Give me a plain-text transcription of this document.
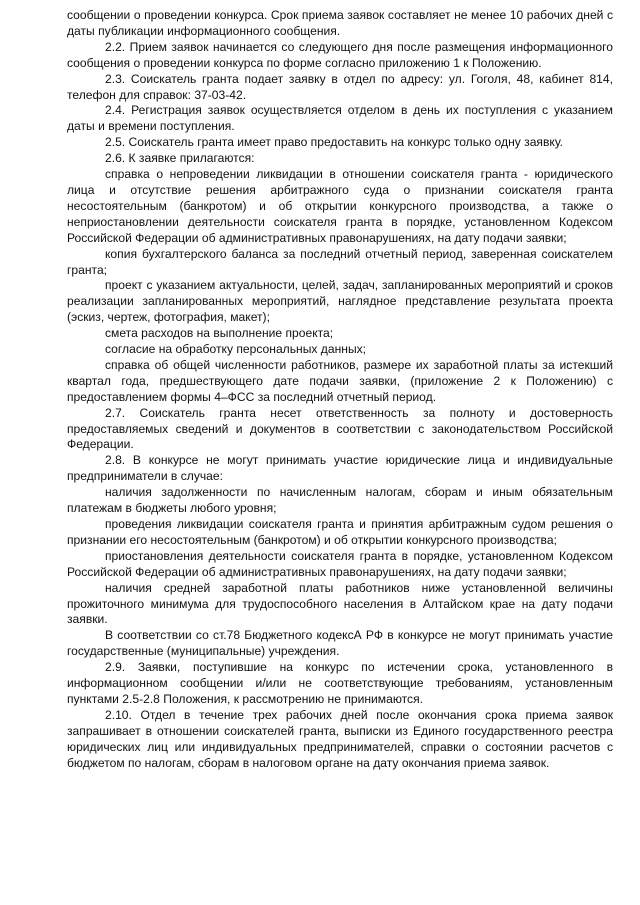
сообщении о проведении конкурса. Срок приема заявок составляет не менее 10 рабочих дней с даты публикации информационного сообщения.

2.2. Прием заявок начинается со следующего дня после размещения информационного сообщения о проведении конкурса по форме согласно приложению 1 к Положению.

2.3. Соискатель гранта подает заявку в отдел по адресу: ул. Гоголя, 48, кабинет 814, телефон для справок: 37-03-42.

2.4. Регистрация заявок осуществляется отделом в день их поступления с указанием даты и времени поступления.

2.5. Соискатель гранта имеет право предоставить на конкурс только одну заявку.

2.6. К заявке прилагаются:

справка о непроведении ликвидации в отношении соискателя гранта - юридического лица и отсутствие решения арбитражного суда о признании соискателя гранта несостоятельным (банкротом) и об открытии конкурсного производства, а также о неприостановлении деятельности соискателя гранта в порядке, установленном Кодексом Российской Федерации об административных правонарушениях, на дату подачи заявки;

копия бухгалтерского баланса за последний отчетный период, заверенная соискателем гранта;

проект с указанием актуальности, целей, задач, запланированных мероприятий и сроков реализации запланированных мероприятий, наглядное представление результата проекта (эскиз, чертеж, фотография, макет);

смета расходов на выполнение проекта;

согласие на обработку персональных данных;

справка об общей численности работников, размере их заработной платы за истекший квартал года, предшествующего дате подачи заявки, (приложение 2 к Положению) с предоставлением формы 4–ФСС за последний отчетный период.

2.7. Соискатель гранта несет ответственность за полноту и достоверность предоставляемых сведений и документов в соответствии с законодательством Российской Федерации.

2.8. В конкурсе не могут принимать участие юридические лица и индивидуальные предприниматели в случае:

наличия задолженности по начисленным налогам, сборам и иным обязательным платежам в бюджеты любого уровня;

проведения ликвидации соискателя гранта и принятия арбитражным судом решения о признании его несостоятельным (банкротом) и об открытии конкурсного производства;

приостановления деятельности соискателя гранта в порядке, установленном Кодексом Российской Федерации об административных правонарушениях, на дату подачи заявки;

наличия средней заработной платы работников ниже установленной величины прожиточного минимума для трудоспособного населения в Алтайском крае на дату подачи заявки.

В соответствии со ст.78 Бюджетного кодексА РФ в конкурсе не могут принимать участие государственные (муниципальные) учреждения.

2.9. Заявки, поступившие на конкурс по истечении срока, установленного в информационном сообщении и/или не соответствующие требованиям, установленным пунктами 2.5-2.8 Положения, к рассмотрению не принимаются.

2.10. Отдел в течение трех рабочих дней после окончания срока приема заявок запрашивает в отношении соискателей гранта, выписки из Единого государственного реестра юридических лиц или индивидуальных предпринимателей, справки о состоянии расчетов с бюджетом по налогам, сборам в налоговом органе на дату окончания приема заявок.
